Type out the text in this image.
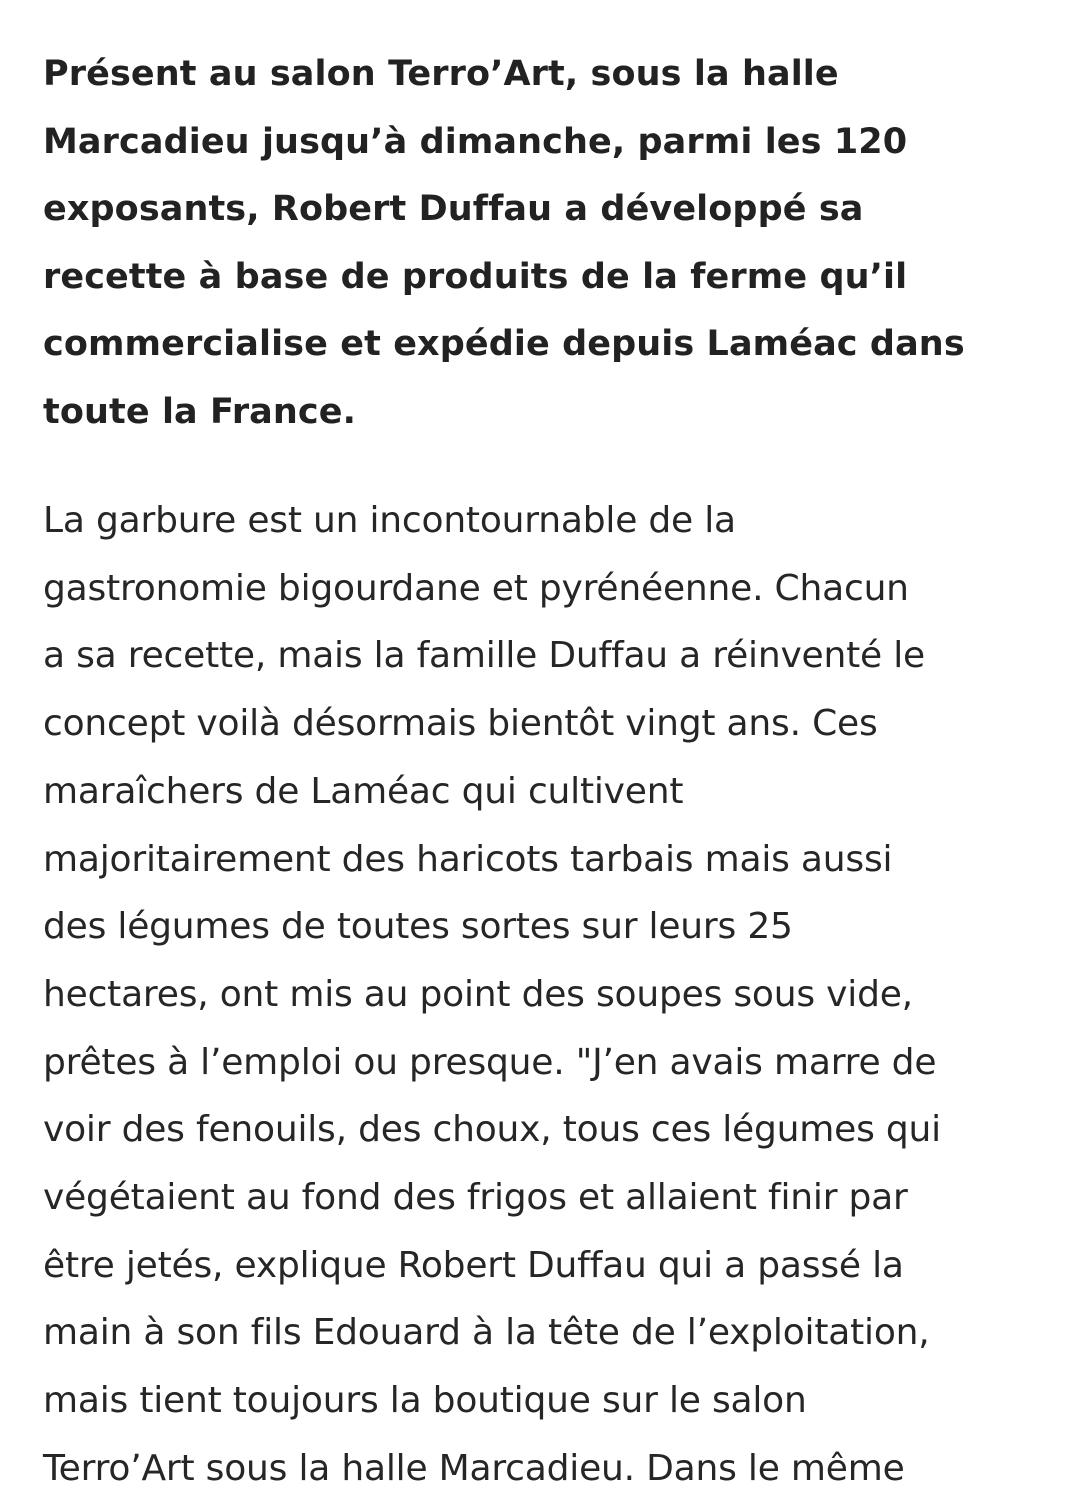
Présent au salon Terro’Art, sous la halle
Marcadieu jusqu’à dimanche, parmi les 120
exposants, Robert Duffau a développé sa
recette à base de produits de la ferme qu’il
commercialise et expédie depuis Laméac dans
toute la France.

La garbure est un incontournable de la
gastronomie bigourdane et pyrénéenne. Chacun
a sa recette, mais la famille Duffau a réinventé le
concept voilà désormais bientôt vingt ans. Ces
maraîchers de Laméac qui cultivent
majoritairement des haricots tarbais mais aussi
des légumes de toutes sortes sur leurs 25
hectares, ont mis au point des soupes sous vide,
prêtes à l’emploi ou presque. "J’en avais marre de
voir des fenouils, des choux, tous ces légumes qui
végétaient au fond des frigos et allaient finir par
être jetés, explique Robert Duffau qui a passé la
main à son fils Edouard à la tête de l’exploitation,
mais tient toujours la boutique sur le salon
Terro’Art sous la halle Marcadieu. Dans le même
